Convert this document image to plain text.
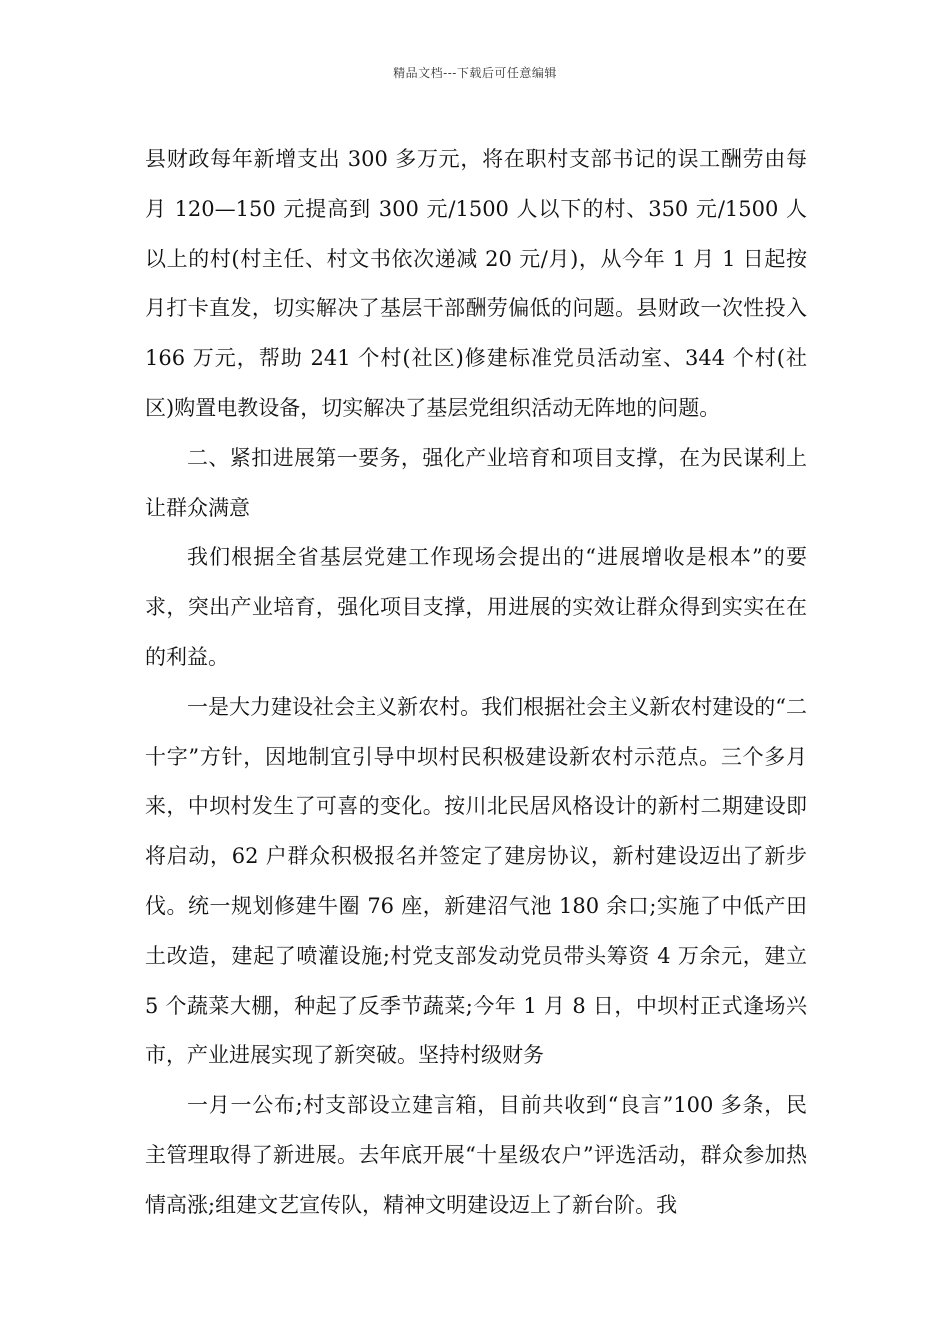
精品文档---下载后可任意编辑

县财政每年新增支出 300 多万元，将在职村支部书记的误工酬劳由每月 120—150 元提高到 300 元/1500 人以下的村、350 元/1500 人以上的村(村主任、村文书依次递减 20 元/月)，从今年 1 月 1 日起按月打卡直发，切实解决了基层干部酬劳偏低的问题。县财政一次性投入 166 万元，帮助 241 个村(社区)修建标准党员活动室、344 个村(社区)购置电教设备，切实解决了基层党组织活动无阵地的问题。

二、紧扣进展第一要务，强化产业培育和项目支撑，在为民谋利上让群众满意

我们根据全省基层党建工作现场会提出的“进展增收是根本”的要求，突出产业培育，强化项目支撑，用进展的实效让群众得到实实在在的利益。

一是大力建设社会主义新农村。我们根据社会主义新农村建设的“二十字”方针，因地制宜引导中坝村民积极建设新农村示范点。三个多月来，中坝村发生了可喜的变化。按川北民居风格设计的新村二期建设即将启动，62 户群众积极报名并签定了建房协议，新村建设迈出了新步伐。统一规划修建牛圈 76 座，新建沼气池 180 余口;实施了中低产田土改造，建起了喷灌设施;村党支部发动党员带头筹资 4 万余元，建立 5 个蔬菜大棚，种起了反季节蔬菜;今年 1 月 8 日，中坝村正式逢场兴市，产业进展实现了新突破。坚持村级财务

一月一公布;村支部设立建言箱，目前共收到“良言”100 多条，民主管理取得了新进展。去年底开展“十星级农户”评选活动，群众参加热情高涨;组建文艺宣传队，精神文明建设迈上了新台阶。我
